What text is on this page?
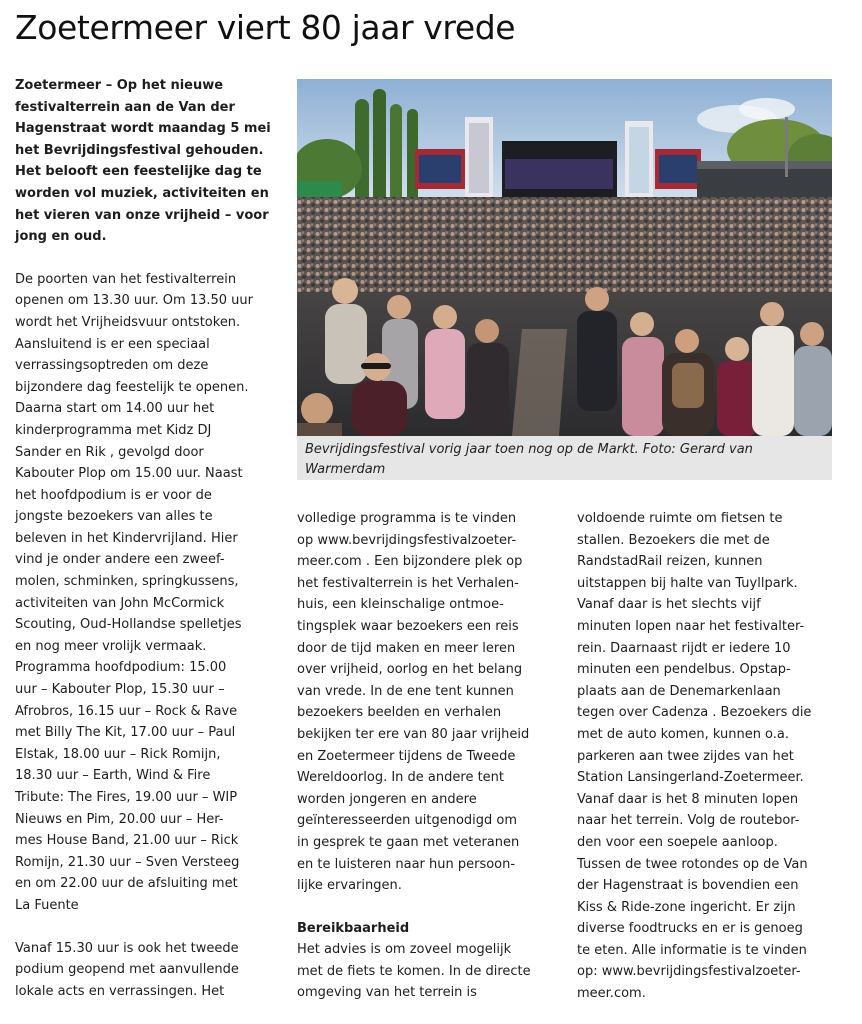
Zoetermeer viert 80 jaar vrede
Zoetermeer – Op het nieuwe
festivalterrein aan de Van der
Hagenstraat wordt maandag 5 mei
het Bevrijdingsfestival gehouden.
Het belooft een feestelijke dag te
worden vol muziek, activiteiten en
het vieren van onze vrijheid – voor
jong en oud.
De poorten van het festivalterrein
openen om 13.30 uur. Om 13.50 uur
wordt het Vrijheidsvuur ontstoken.
Aansluitend is er een speciaal
verrassingsoptreden om deze
bijzondere dag feestelijk te openen.
Daarna start om 14.00 uur het
kinderprogramma met Kidz DJ
Sander en Rik , gevolgd door
Kabouter Plop om 15.00 uur. Naast
het hoofdpodium is er voor de
jongste bezoekers van alles te
beleven in het Kindervrijland. Hier
vind je onder andere een zweef-
molen, schminken, springkussens,
activiteiten van John McCormick
Scouting, Oud-Hollandse spelletjes
en nog meer vrolijk vermaak.
Programma hoofdpodium: 15.00
uur – Kabouter Plop, 15.30 uur –
Afrobros, 16.15 uur – Rock & Rave
met Billy The Kit, 17.00 uur – Paul
Elstak, 18.00 uur – Rick Romijn,
18.30 uur – Earth, Wind & Fire
Tribute: The Fires, 19.00 uur – WIP
Nieuws en Pim, 20.00 uur – Her-
mes House Band, 21.00 uur – Rick
Romijn, 21.30 uur – Sven Versteeg
en om 22.00 uur de afsluiting met
La Fuente
Vanaf 15.30 uur is ook het tweede
podium geopend met aanvullende
lokale acts en verrassingen. Het
Bevrijdingsfestival vorig jaar toen nog op de Markt. Foto: Gerard van
Warmerdam
volledige programma is te vinden
op www.bevrijdingsfestivalzoeter-
meer.com . Een bijzondere plek op
het festivalterrein is het Verhalen-
huis, een kleinschalige ontmoe-
tingsplek waar bezoekers een reis
door de tijd maken en meer leren
over vrijheid, oorlog en het belang
van vrede. In de ene tent kunnen
bezoekers beelden en verhalen
bekijken ter ere van 80 jaar vrijheid
en Zoetermeer tijdens de Tweede
Wereldoorlog. In de andere tent
worden jongeren en andere
geïnteresseerden uitgenodigd om
in gesprek te gaan met veteranen
en te luisteren naar hun persoon-
lijke ervaringen.
Bereikbaarheid
Het advies is om zoveel mogelijk
met de fiets te komen. In de directe
omgeving van het terrein is
voldoende ruimte om fietsen te
stallen. Bezoekers die met de
RandstadRail reizen, kunnen
uitstappen bij halte van Tuyllpark.
Vanaf daar is het slechts vijf
minuten lopen naar het festivalter-
rein. Daarnaast rijdt er iedere 10
minuten een pendelbus. Opstap-
plaats aan de Denemarkenlaan
tegen over Cadenza . Bezoekers die
met de auto komen, kunnen o.a.
parkeren aan twee zijdes van het
Station Lansingerland-Zoetermeer.
Vanaf daar is het 8 minuten lopen
naar het terrein. Volg de routebor-
den voor een soepele aanloop.
Tussen de twee rotondes op de Van
der Hagenstraat is bovendien een
Kiss & Ride-zone ingericht. Er zijn
diverse foodtrucks en er is genoeg
te eten. Alle informatie is te vinden
op: www.bevrijdingsfestivalzoeter-
meer.com.
